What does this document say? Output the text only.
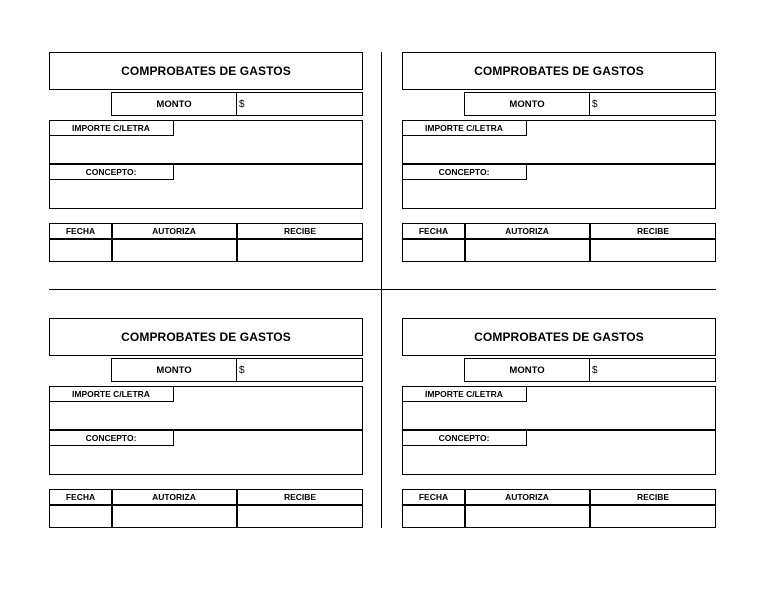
COMPROBATES DE GASTOS
MONTO	$
IMPORTE C/LETRA
CONCEPTO:
FECHA	AUTORIZA	RECIBE
COMPROBATES DE GASTOS
MONTO	$
IMPORTE C/LETRA
CONCEPTO:
FECHA	AUTORIZA	RECIBE
COMPROBATES DE GASTOS
MONTO	$
IMPORTE C/LETRA
CONCEPTO:
FECHA	AUTORIZA	RECIBE
COMPROBATES DE GASTOS
MONTO	$
IMPORTE C/LETRA
CONCEPTO:
FECHA	AUTORIZA	RECIBE
